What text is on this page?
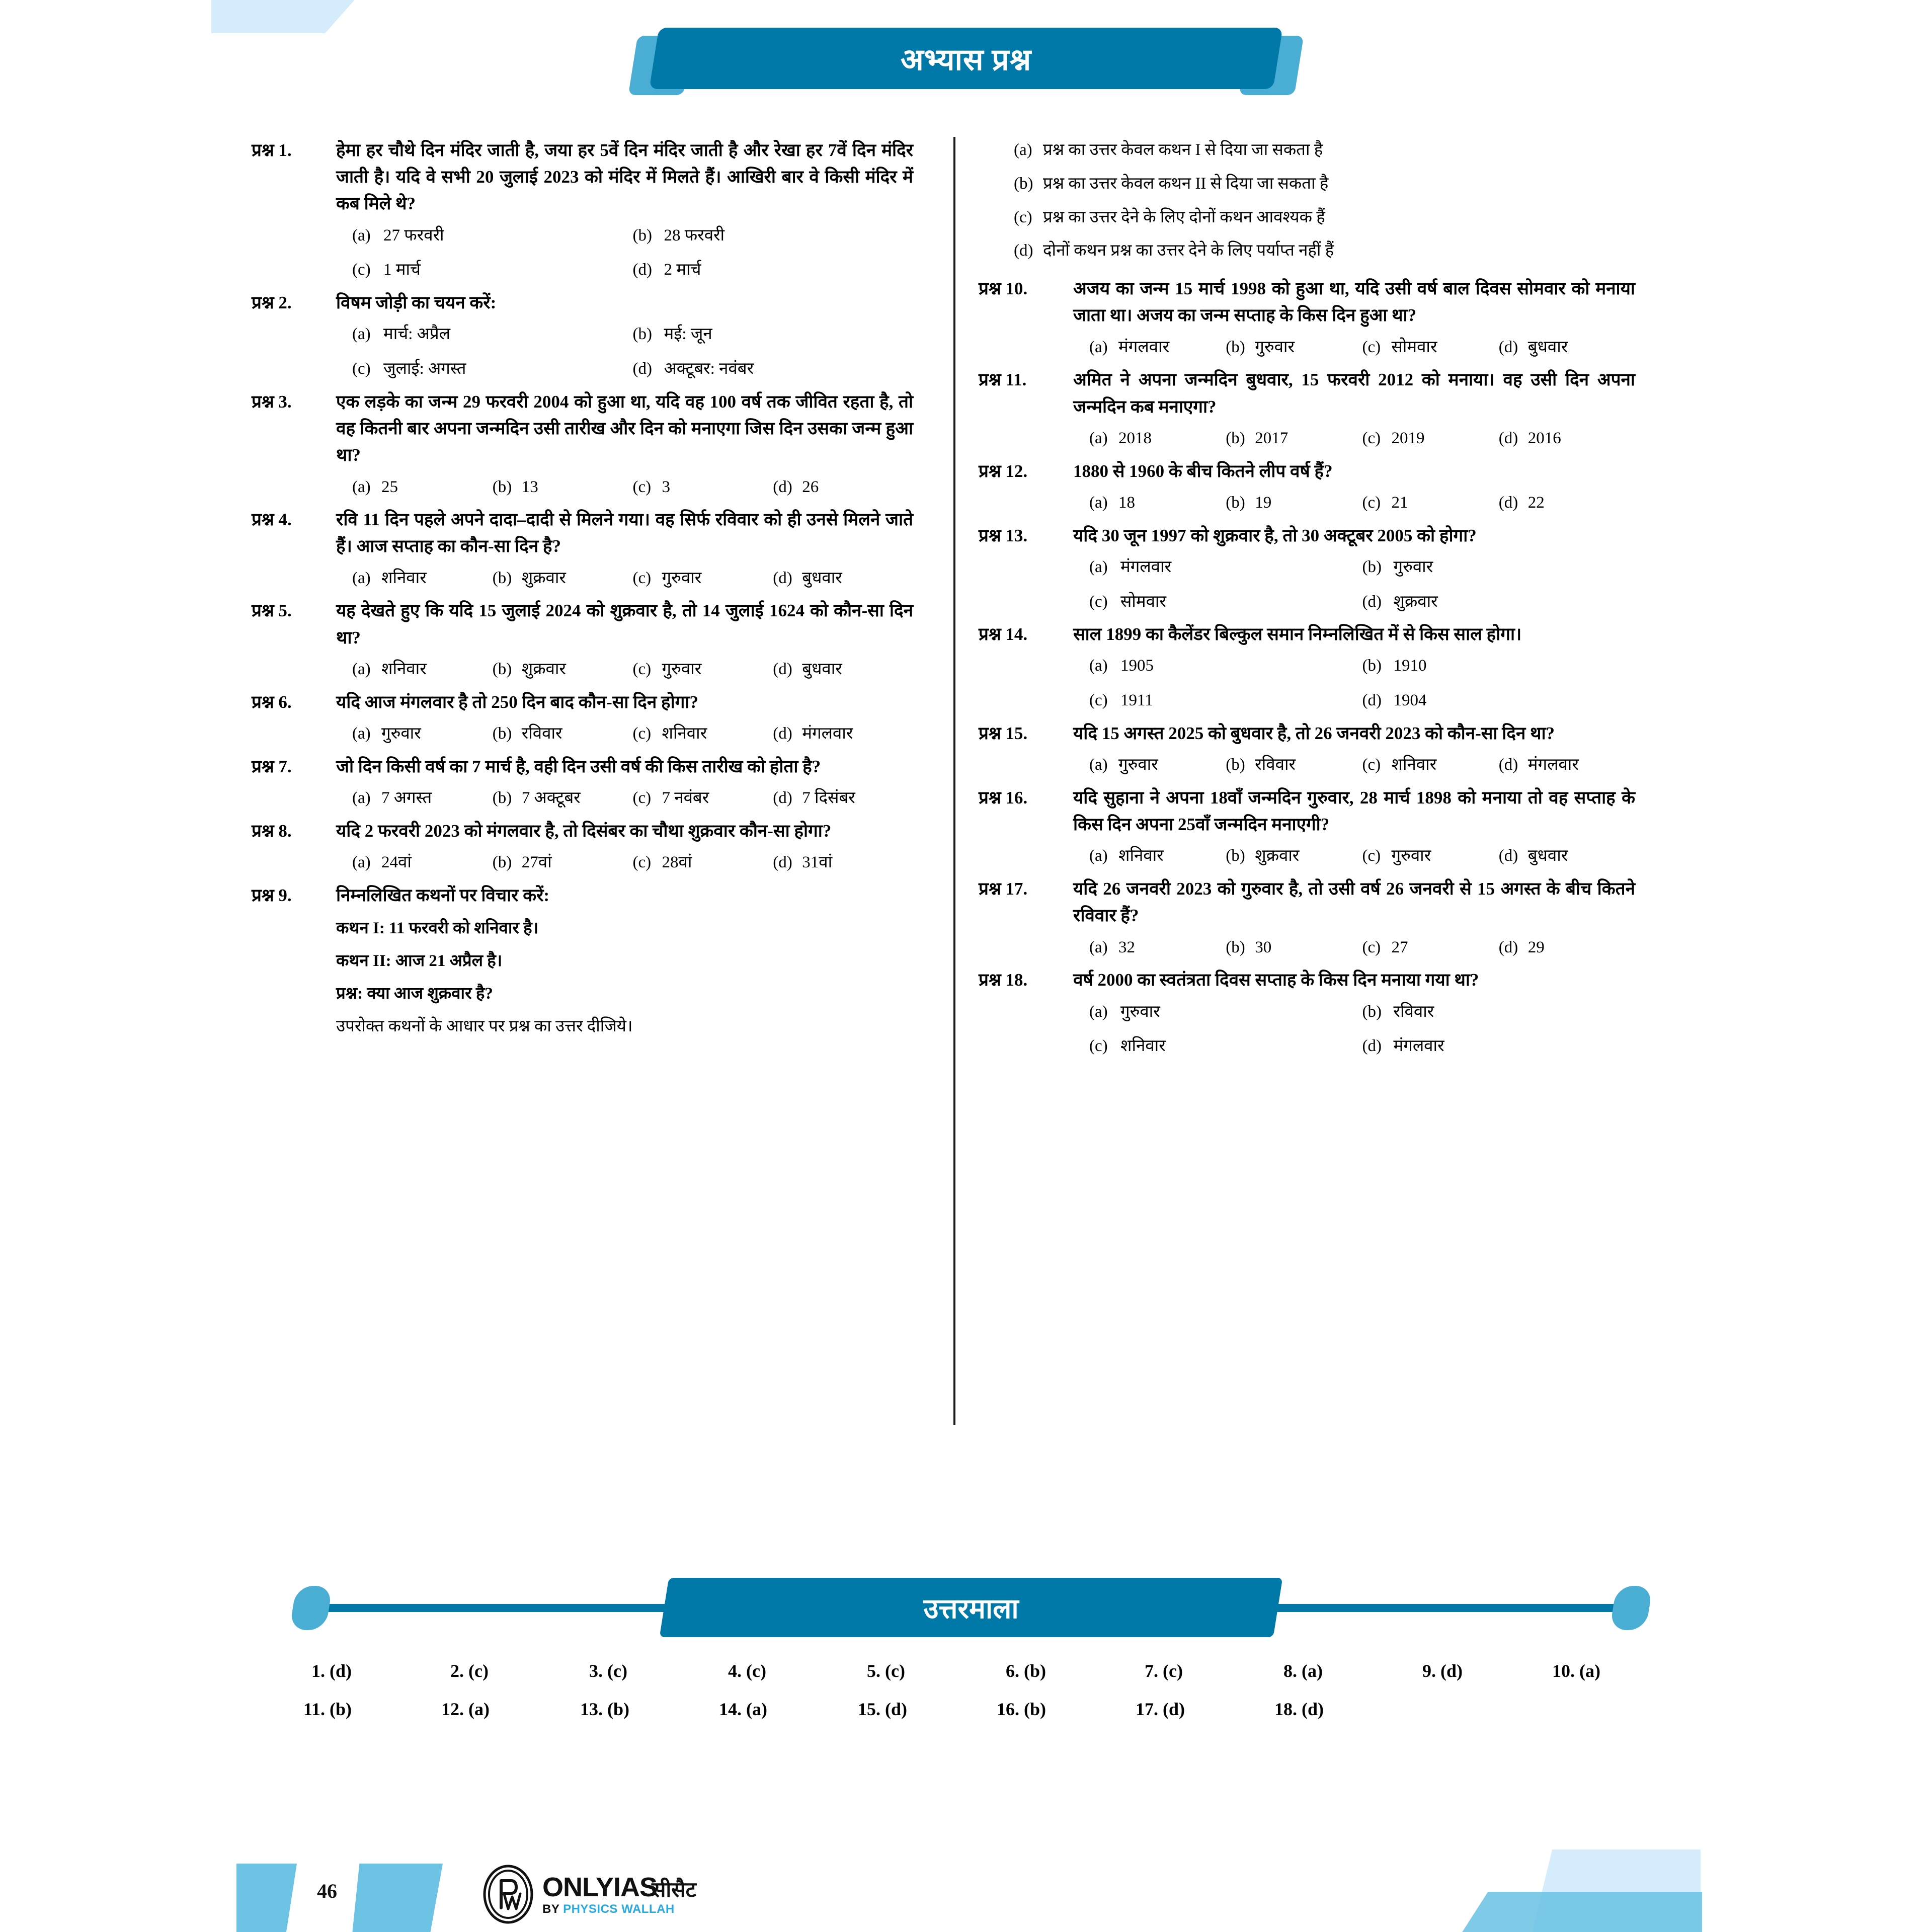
अभ्यास प्रश्न
प्रश्न 1.	हेमा हर चौथे दिन मंदिर जाती है, जया हर 5वें दिन मंदिर जाती है और रेखा हर 7वें दिन मंदिर जाती है। यदि वे सभी 20 जुलाई 2023 को मंदिर में मिलते हैं। आखिरी बार वे किसी मंदिर में कब मिले थे?
(a) 27 फरवरी	(b) 28 फरवरी
(c) 1 मार्च	(d) 2 मार्च
प्रश्न 2.	विषम जोड़ी का चयन करें:
(a) मार्च: अप्रैल	(b) मई: जून
(c) जुलाई: अगस्त	(d) अक्टूबर: नवंबर
प्रश्न 3.	एक लड़के का जन्म 29 फरवरी 2004 को हुआ था, यदि वह 100 वर्ष तक जीवित रहता है, तो वह कितनी बार अपना जन्मदिन उसी तारीख और दिन को मनाएगा जिस दिन उसका जन्म हुआ था?
(a) 25	(b) 13	(c) 3	(d) 26
प्रश्न 4.	रवि 11 दिन पहले अपने दादा–दादी से मिलने गया। वह सिर्फ रविवार को ही उनसे मिलने जाते हैं। आज सप्ताह का कौन-सा दिन है?
(a) शनिवार	(b) शुक्रवार	(c) गुरुवार	(d) बुधवार
प्रश्न 5.	यह देखते हुए कि यदि 15 जुलाई 2024 को शुक्रवार है, तो 14 जुलाई 1624 को कौन-सा दिन था?
(a) शनिवार	(b) शुक्रवार	(c) गुरुवार	(d) बुधवार
प्रश्न 6.	यदि आज मंगलवार है तो 250 दिन बाद कौन-सा दिन होगा?
(a) गुरुवार	(b) रविवार	(c) शनिवार	(d) मंगलवार
प्रश्न 7.	जो दिन किसी वर्ष का 7 मार्च है, वही दिन उसी वर्ष की किस तारीख को होता है?
(a) 7 अगस्त	(b) 7 अक्टूबर	(c) 7 नवंबर	(d) 7 दिसंबर
प्रश्न 8.	यदि 2 फरवरी 2023 को मंगलवार है, तो दिसंबर का चौथा शुक्रवार कौन-सा होगा?
(a) 24वां	(b) 27वां	(c) 28वां	(d) 31वां
प्रश्न 9.	निम्नलिखित कथनों पर विचार करें:
कथन I: 11 फरवरी को शनिवार है।
कथन II: आज 21 अप्रैल है।
प्रश्न: क्या आज शुक्रवार है?
उपरोक्त कथनों के आधार पर प्रश्न का उत्तर दीजिये।
(a) प्रश्न का उत्तर केवल कथन I से दिया जा सकता है
(b) प्रश्न का उत्तर केवल कथन II से दिया जा सकता है
(c) प्रश्न का उत्तर देने के लिए दोनों कथन आवश्यक हैं
(d) दोनों कथन प्रश्न का उत्तर देने के लिए पर्याप्त नहीं हैं
प्रश्न 10.	अजय का जन्म 15 मार्च 1998 को हुआ था, यदि उसी वर्ष बाल दिवस सोमवार को मनाया जाता था। अजय का जन्म सप्ताह के किस दिन हुआ था?
(a) मंगलवार	(b) गुरुवार	(c) सोमवार	(d) बुधवार
प्रश्न 11.	अमित ने अपना जन्मदिन बुधवार, 15 फरवरी 2012 को मनाया। वह उसी दिन अपना जन्मदिन कब मनाएगा?
(a) 2018	(b) 2017	(c) 2019	(d) 2016
प्रश्न 12.	1880 से 1960 के बीच कितने लीप वर्ष हैं?
(a) 18	(b) 19	(c) 21	(d) 22
प्रश्न 13.	यदि 30 जून 1997 को शुक्रवार है, तो 30 अक्टूबर 2005 को होगा?
(a) मंगलवार	(b) गुरुवार
(c) सोमवार	(d) शुक्रवार
प्रश्न 14.	साल 1899 का कैलेंडर बिल्कुल समान निम्नलिखित में से किस साल होगा।
(a) 1905	(b) 1910
(c) 1911	(d) 1904
प्रश्न 15.	यदि 15 अगस्त 2025 को बुधवार है, तो 26 जनवरी 2023 को कौन-सा दिन था?
(a) गुरुवार	(b) रविवार	(c) शनिवार	(d) मंगलवार
प्रश्न 16.	यदि सुहाना ने अपना 18वाँ जन्मदिन गुरुवार, 28 मार्च 1898 को मनाया तो वह सप्ताह के किस दिन अपना 25वाँ जन्मदिन मनाएगी?
(a) शनिवार	(b) शुक्रवार	(c) गुरुवार	(d) बुधवार
प्रश्न 17.	यदि 26 जनवरी 2023 को गुरुवार है, तो उसी वर्ष 26 जनवरी से 15 अगस्त के बीच कितने रविवार हैं?
(a) 32	(b) 30	(c) 27	(d) 29
प्रश्न 18.	वर्ष 2000 का स्वतंत्रता दिवस सप्ताह के किस दिन मनाया गया था?
(a) गुरुवार	(b) रविवार
(c) शनिवार	(d) मंगलवार
उत्तरमाला
1. (d)	2. (c)	3. (c)	4. (c)	5. (c)	6. (b)	7. (c)	8. (a)	9. (d)	10. (a)
11. (b)	12. (a)	13. (b)	14. (a)	15. (d)	16. (b)	17. (d)	18. (d)
46	ONLYIAS
BY PHYSICS WALLAH
सीसैट
